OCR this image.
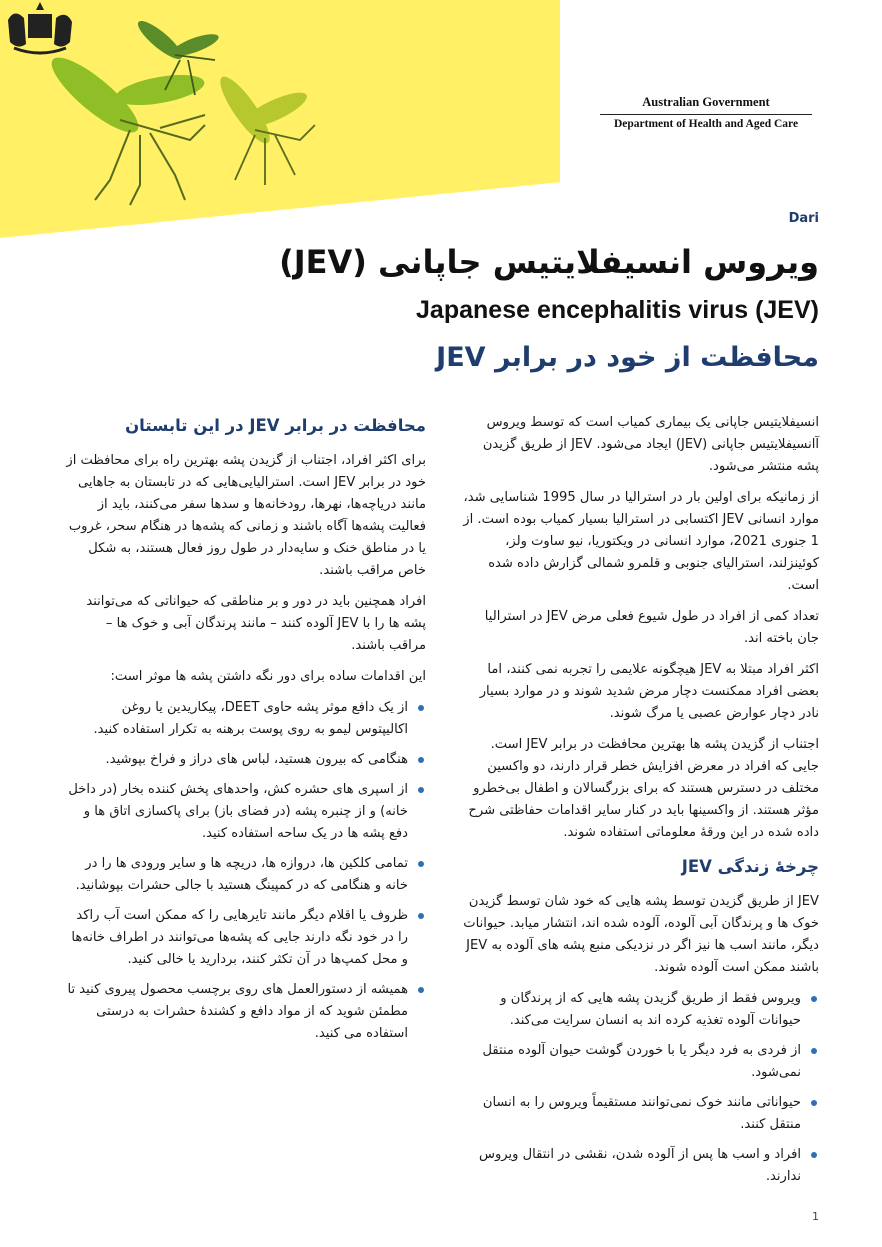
Australian Government
Department of Health and Aged Care
Dari
ویروس انسیفلایتیس جاپانی (JEV)
Japanese encephalitis virus (JEV)
محافظت از خود در برابر JEV

انسیفلایتیس جاپانی یک بیماری کمیاب است که توسط ویروس آانسیفلایتیس جاپانی (JEV) ایجاد می‌شود. JEV از طریق گزیدن پشه منتشر می‌شود.

از زمانیکه برای اولین بار در استرالیا در سال 1995 شناسایی شد، موارد انسانی JEV اکتسابی در استرالیا بسیار کمیاب بوده است. از 1 جنوری 2021، موارد انسانی در ویکتوریا، نیو ساوت ولز، کوئینزلند، استرالیای جنوبی و قلمرو شمالی گزارش داده شده است.

تعداد کمی از افراد در طول شیوع فعلی مرض JEV در استرالیا جان باخته اند.

اکثر افراد مبتلا به JEV هیچگونه علایمی را تجربه نمی کنند، اما بعضی افراد ممکنست دچار مرض شدید شوند و در موارد بسیار نادر دچار عوارض عصبی یا مرگ شوند.

اجتناب از گزیدن پشه ها بهترین محافظت در برابر JEV است. جایی که افراد در معرض افزایش خطر قرار دارند، دو واکسین مختلف در دسترس هستند که برای بزرگسالان و اطفال بی‌خطرو مؤثر هستند. از واکسینها باید در کنار سایر اقدامات حفاظتی شرح داده شده در این ورقۀ معلوماتی استفاده شوند.

چرخۀ زندگی JEV

JEV از طریق گزیدن توسط پشه هایی که خود شان توسط گزیدن خوک ها و پرندگان آبی آلوده، آلوده شده اند، انتشار میابد. حیوانات دیگر، مانند اسب ها نیز اگر در نزدیکی منبع پشه های آلوده به JEV باشند ممکن است آلوده شوند.

ویروس فقط از طریق گزیدن پشه هایی که از پرندگان و حیوانات آلوده تغذیه کرده اند به انسان سرایت می‌کند.
از فردی به فرد دیگر یا با خوردن گوشت حیوان آلوده منتقل نمی‌شود.
حیواناتی مانند خوک نمی‌توانند مستقیماً ویروس را به انسان منتقل کنند.
افراد و اسب ها پس از آلوده شدن، نقشی در انتقال ویروس ندارند.
محافظت در برابر JEV در این تابستان

برای اکثر افراد، اجتناب از گزیدن پشه بهترین راه برای محافظت از خود در برابر JEV است. استرالیایی‌هایی که در تابستان به جاهایی مانند دریاچه‌ها، نهرها، رودخانه‌ها و سدها سفر می‌کنند، باید از فعالیت پشه‌ها آگاه باشند و زمانی که پشه‌ها در هنگام سحر، غروب یا در مناطق خنک و سایه‌دار در طول روز فعال هستند، به شکل خاص مراقب باشند.

افراد همچنین باید در دور و بر مناطقی که حیواناتی که می‌توانند پشه ها را با JEV آلوده کنند – مانند پرندگان آبی و خوک ها – مراقب باشند.

این اقدامات ساده برای دور نگه داشتن پشه ها موثر است:

از یک دافع موثر پشه حاوی DEET، پیکاریدین یا روغن اکالیپتوس لیمو به روی پوست برهنه به تکرار استفاده کنید.
هنگامی که بیرون هستید، لباس های دراز و فراخ بپوشید.
از اسپری های حشره کش، واحدهای پخش کننده بخار (در داخل خانه) و از چنبره پشه (در فضای باز) برای پاکسازی اتاق ها و دفع پشه ها در یک ساحه استفاده کنید.
تمامی کلکین ها، دروازه ها، دریچه ها و سایر ورودی ها را در خانه و هنگامی که در کمپینگ هستید با جالی حشرات بپوشانید.
ظروف یا اقلام دیگر مانند تایرهایی را که ممکن است آب راکد را در خود نگه دارند جایی که پشه‌ها می‌توانند در اطراف خانه‌ها و محل کمپ‌ها در آن تکثر کنند، بردارید یا خالی کنید.
همیشه از دستورالعمل های روی برچسب محصول پیروی کنید تا مطمئن شوید که از مواد دافع و کشندۀ حشرات به درستی استفاده می کنید.
1
